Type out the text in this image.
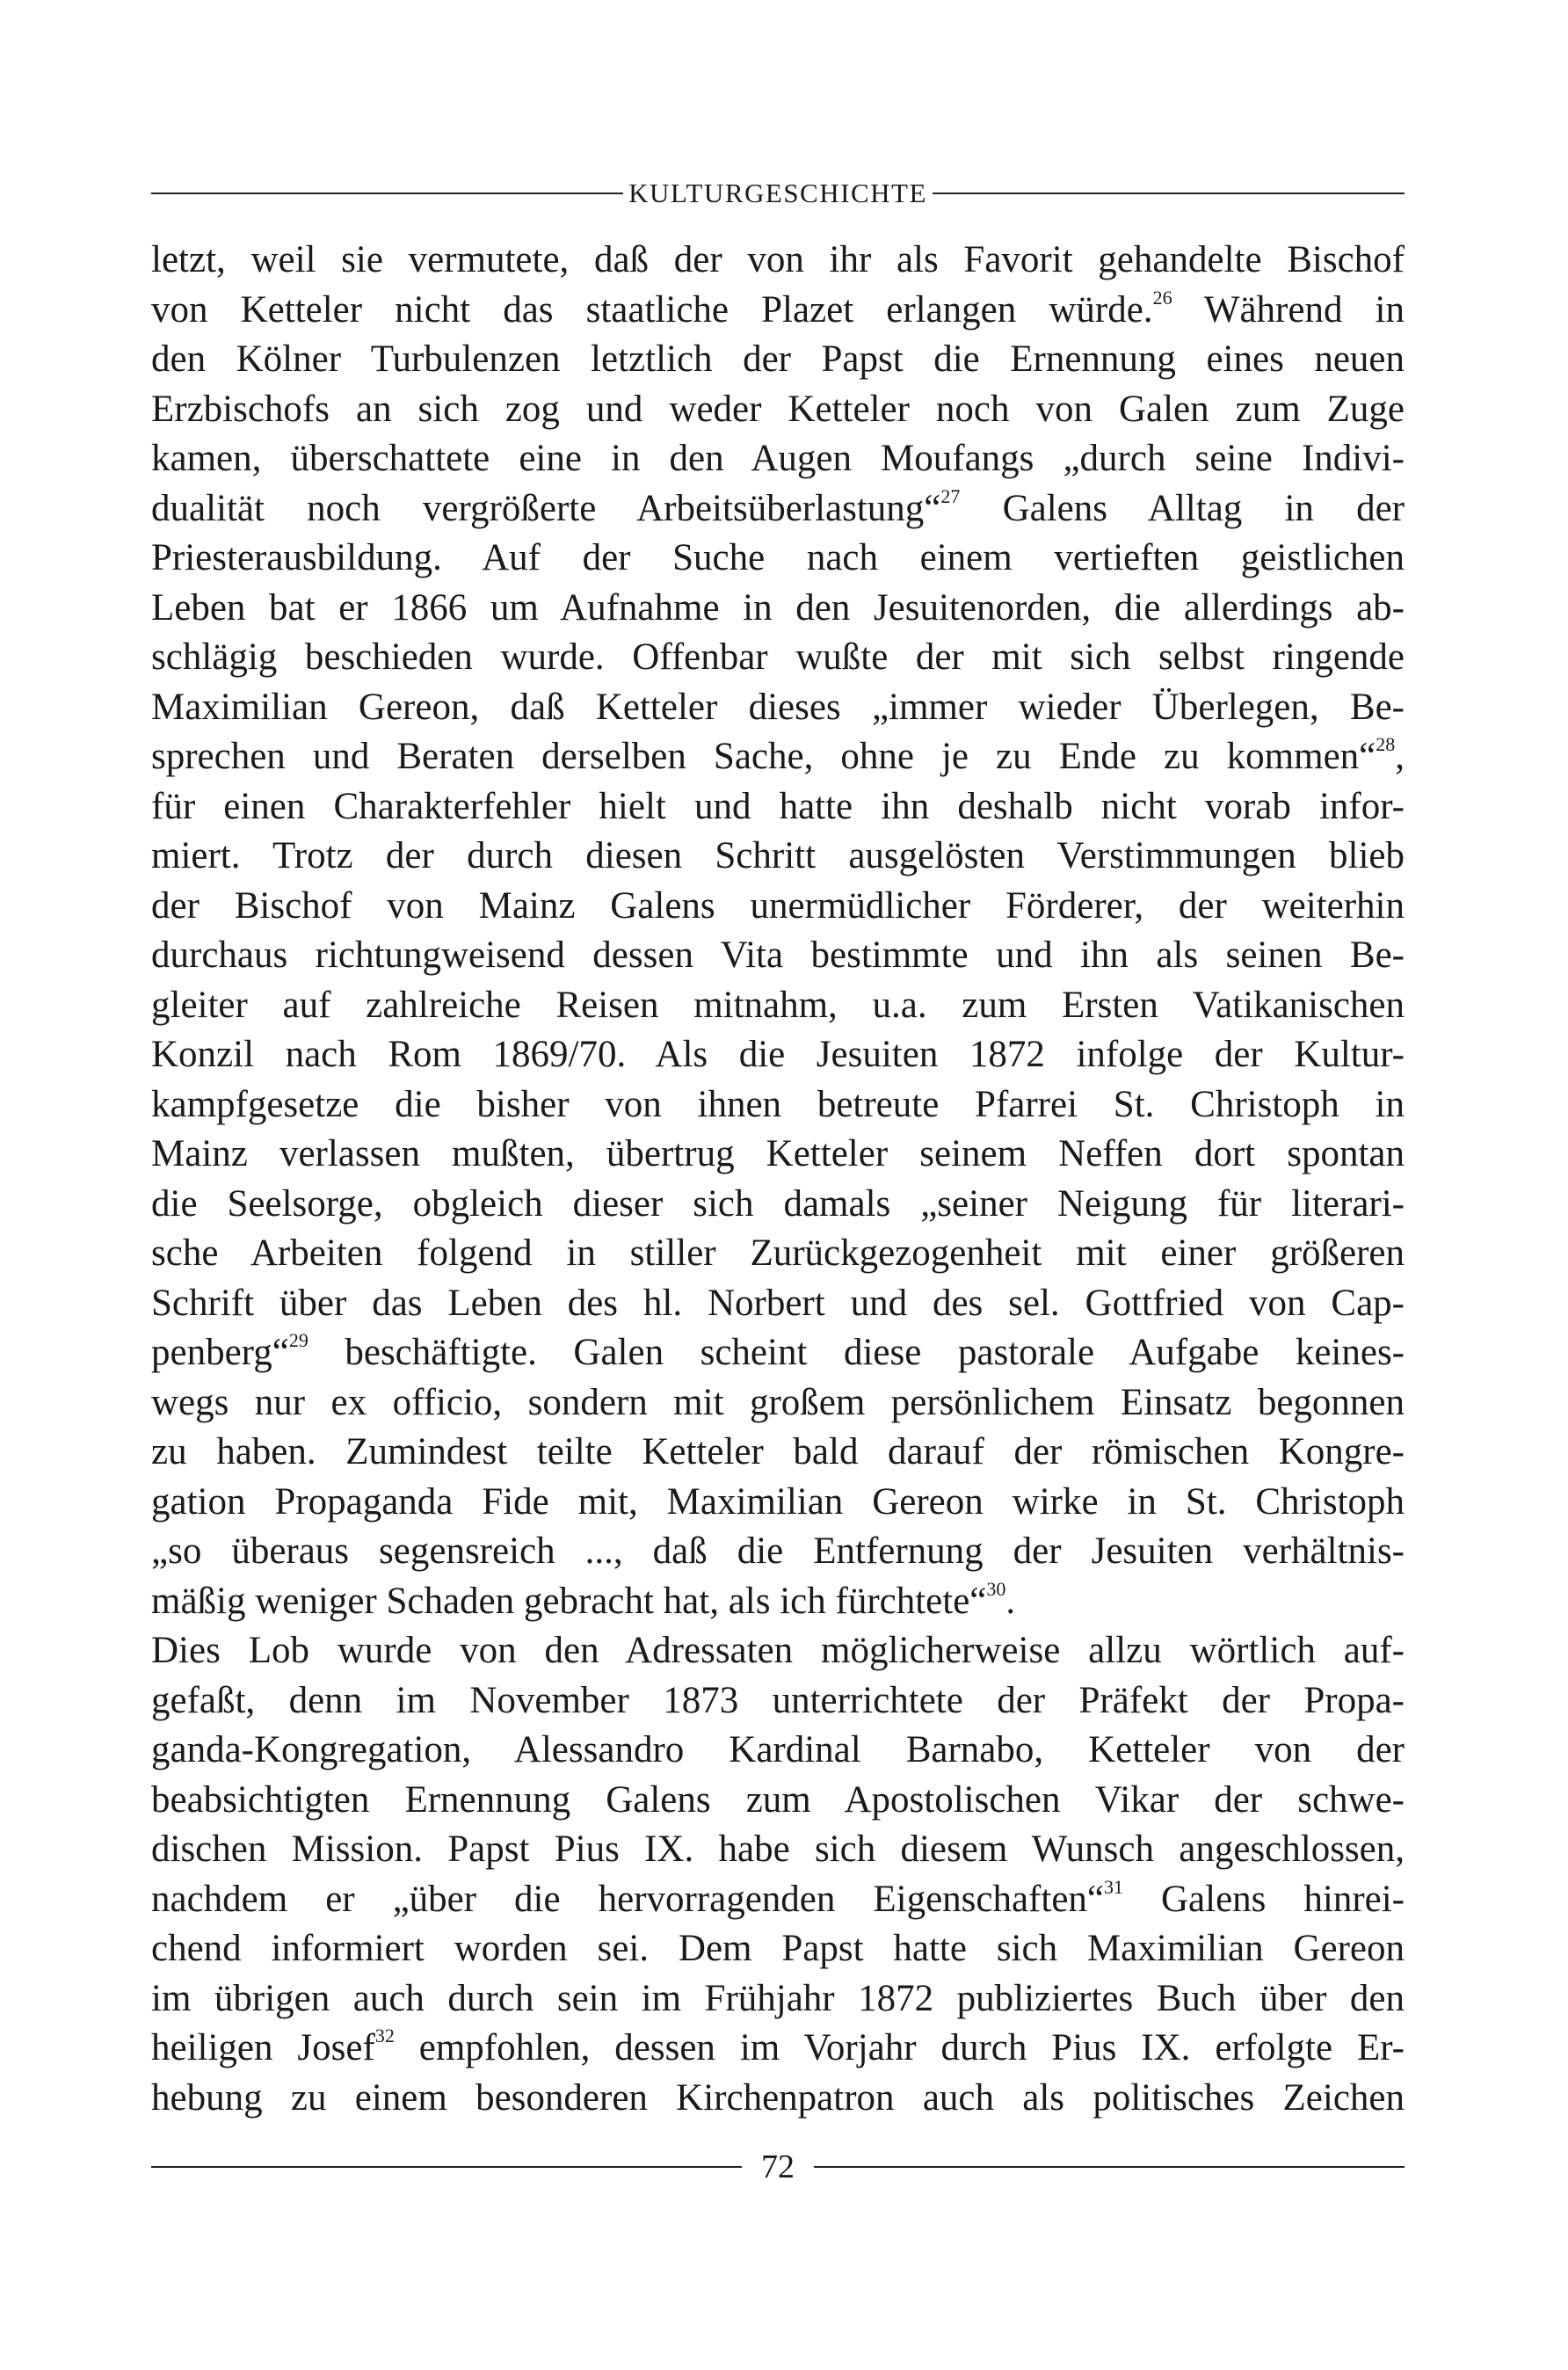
KULTURGESCHICHTE
letzt, weil sie vermutete, daß der von ihr als Favorit gehandelte Bischof
von Ketteler nicht das staatliche Plazet erlangen würde.$^{26}$ Während in
den Kölner Turbulenzen letztlich der Papst die Ernennung eines neuen
Erzbischofs an sich zog und weder Ketteler noch von Galen zum Zuge
kamen, überschattete eine in den Augen Moufangs „durch seine Indivi-
dualität noch vergrößerte Arbeitsüberlastung“$^{27}$ Galens Alltag in der
Priesterausbildung. Auf der Suche nach einem vertieften geistlichen
Leben bat er 1866 um Aufnahme in den Jesuitenorden, die allerdings ab-
schlägig beschieden wurde. Offenbar wußte der mit sich selbst ringende
Maximilian Gereon, daß Ketteler dieses „immer wieder Überlegen, Be-
sprechen und Beraten derselben Sache, ohne je zu Ende zu kommen“$^{28}$,
für einen Charakterfehler hielt und hatte ihn deshalb nicht vorab infor-
miert. Trotz der durch diesen Schritt ausgelösten Verstimmungen blieb
der Bischof von Mainz Galens unermüdlicher Förderer, der weiterhin
durchaus richtungweisend dessen Vita bestimmte und ihn als seinen Be-
gleiter auf zahlreiche Reisen mitnahm, u.a. zum Ersten Vatikanischen
Konzil nach Rom 1869/70. Als die Jesuiten 1872 infolge der Kultur-
kampfgesetze die bisher von ihnen betreute Pfarrei St. Christoph in
Mainz verlassen mußten, übertrug Ketteler seinem Neffen dort spontan
die Seelsorge, obgleich dieser sich damals „seiner Neigung für literari-
sche Arbeiten folgend in stiller Zurückgezogenheit mit einer größeren
Schrift über das Leben des hl. Norbert und des sel. Gottfried von Cap-
penberg“$^{29}$ beschäftigte. Galen scheint diese pastorale Aufgabe keines-
wegs nur ex officio, sondern mit großem persönlichem Einsatz begonnen
zu haben. Zumindest teilte Ketteler bald darauf der römischen Kongre-
gation Propaganda Fide mit, Maximilian Gereon wirke in St. Christoph
„so überaus segensreich ..., daß die Entfernung der Jesuiten verhältnis-
mäßig weniger Schaden gebracht hat, als ich fürchtete“$^{30}$.
Dies Lob wurde von den Adressaten möglicherweise allzu wörtlich auf-
gefaßt, denn im November 1873 unterrichtete der Präfekt der Propa-
ganda-Kongregation, Alessandro Kardinal Barnabo, Ketteler von der
beabsichtigten Ernennung Galens zum Apostolischen Vikar der schwe-
dischen Mission. Papst Pius IX. habe sich diesem Wunsch angeschlossen,
nachdem er „über die hervorragenden Eigenschaften“$^{31}$ Galens hinrei-
chend informiert worden sei. Dem Papst hatte sich Maximilian Gereon
im übrigen auch durch sein im Frühjahr 1872 publiziertes Buch über den
heiligen Josef$^{32}$ empfohlen, dessen im Vorjahr durch Pius IX. erfolgte Er-
hebung zu einem besonderen Kirchenpatron auch als politisches Zeichen
72
